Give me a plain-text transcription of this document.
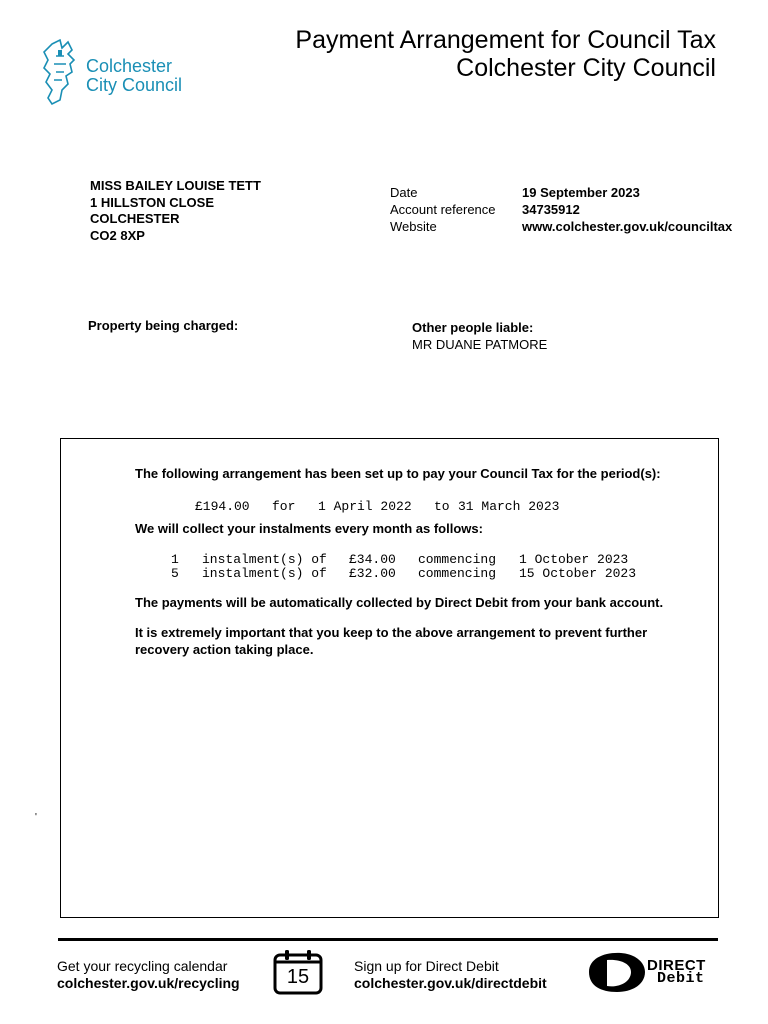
Colchester
City Council
Payment Arrangement for Council Tax
Colchester City Council
MISS BAILEY LOUISE TETT
1 HILLSTON CLOSE
COLCHESTER
CO2 8XP
Date	19 September 2023
Account reference	34735912
Website	www.colchester.gov.uk/counciltax
Property being charged:	Other people liable:
MR DUANE PATMORE
The following arrangement has been set up to pay your Council Tax for the period(s):
£194.00 for 1 April 2022 to 31 March 2023
We will collect your instalments every month as follows:
1 instalment(s) of £34.00 commencing 1 October 2023
5 instalment(s) of £32.00 commencing 15 October 2023
The payments will be automatically collected by Direct Debit from your bank account.
It is extremely important that you keep to the above arrangement to prevent further recovery action taking place.
'
Get your recycling calendar
colchester.gov.uk/recycling	15	Sign up for Direct Debit
colchester.gov.uk/directdebit
DIRECT
Debit
